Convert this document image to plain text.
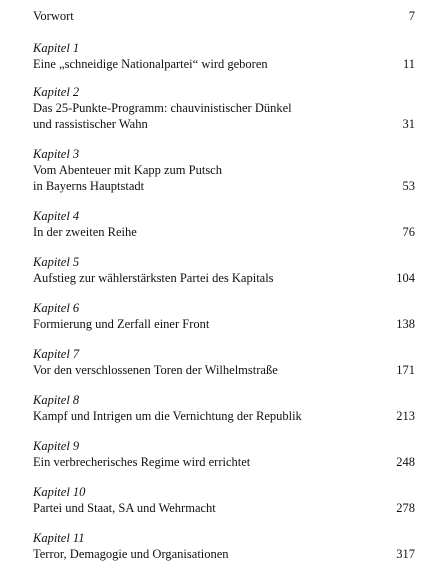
Vorwort	7
Kapitel 1
Eine „schneidige Nationalpartei“ wird geboren	11
Kapitel 2
Das 25-Punkte-Programm: chauvinistischer Dünkel
und rassistischer Wahn	31
Kapitel 3
Vom Abenteuer mit Kapp zum Putsch
in Bayerns Hauptstadt	53
Kapitel 4
In der zweiten Reihe	76
Kapitel 5
Aufstieg zur wählerstärksten Partei des Kapitals	104
Kapitel 6
Formierung und Zerfall einer Front	138
Kapitel 7
Vor den verschlossenen Toren der Wilhelmstraße	171
Kapitel 8
Kampf und Intrigen um die Vernichtung der Republik	213
Kapitel 9
Ein verbrecherisches Regime wird errichtet	248
Kapitel 10
Partei und Staat, SA und Wehrmacht	278
Kapitel 11
Terror, Demagogie und Organisationen	317
